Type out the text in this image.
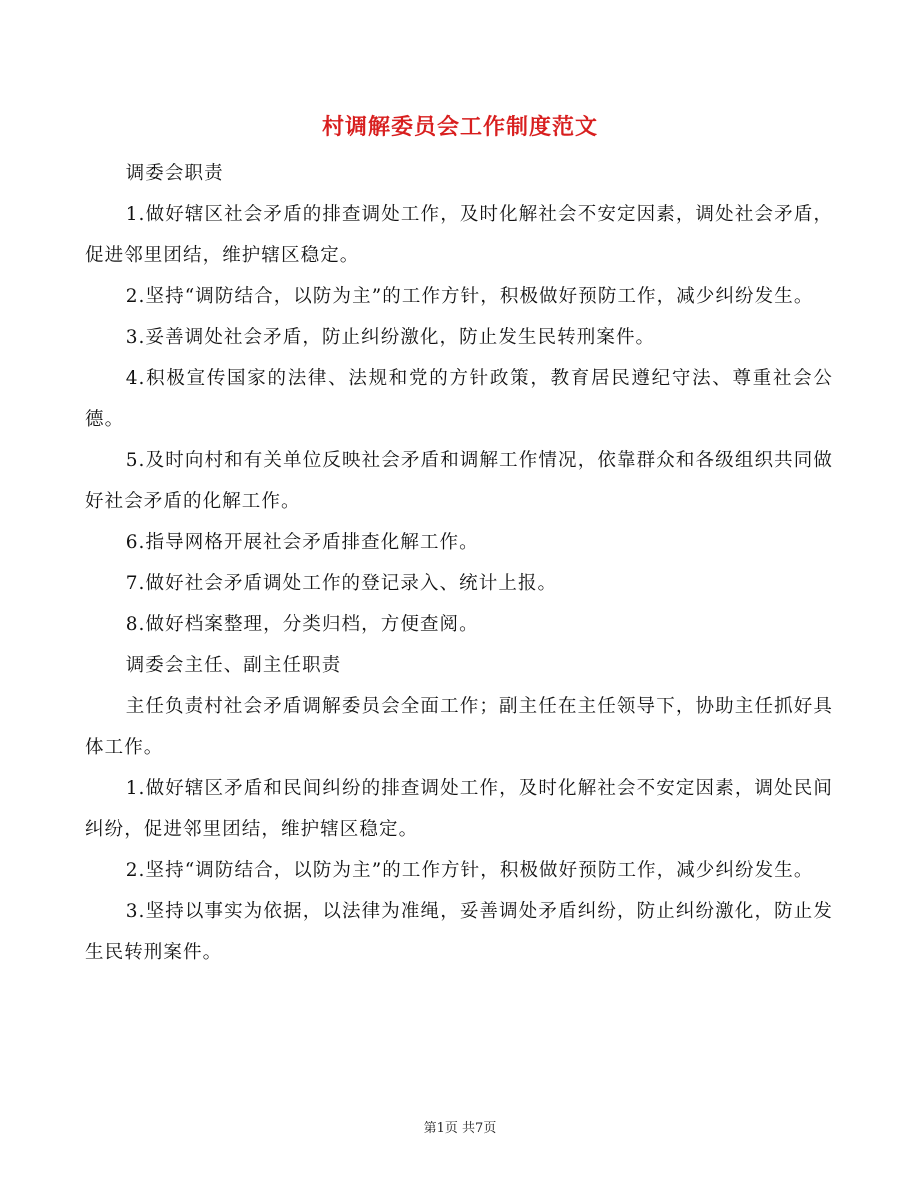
村调解委员会工作制度范文

调委会职责

1.做好辖区社会矛盾的排查调处工作，及时化解社会不安定因素，调处社会矛盾，促进邻里团结，维护辖区稳定。

2.坚持“调防结合，以防为主”的工作方针，积极做好预防工作，减少纠纷发生。

3.妥善调处社会矛盾，防止纠纷激化，防止发生民转刑案件。

4.积极宣传国家的法律、法规和党的方针政策，教育居民遵纪守法、尊重社会公德。

5.及时向村和有关单位反映社会矛盾和调解工作情况，依靠群众和各级组织共同做好社会矛盾的化解工作。

6.指导网格开展社会矛盾排查化解工作。

7.做好社会矛盾调处工作的登记录入、统计上报。

8.做好档案整理，分类归档，方便查阅。

调委会主任、副主任职责

主任负责村社会矛盾调解委员会全面工作；副主任在主任领导下，协助主任抓好具体工作。

1.做好辖区矛盾和民间纠纷的排查调处工作，及时化解社会不安定因素，调处民间纠纷，促进邻里团结，维护辖区稳定。

2.坚持“调防结合，以防为主”的工作方针，积极做好预防工作，减少纠纷发生。

3.坚持以事实为依据，以法律为准绳，妥善调处矛盾纠纷，防止纠纷激化，防止发生民转刑案件。

第1页 共7页
